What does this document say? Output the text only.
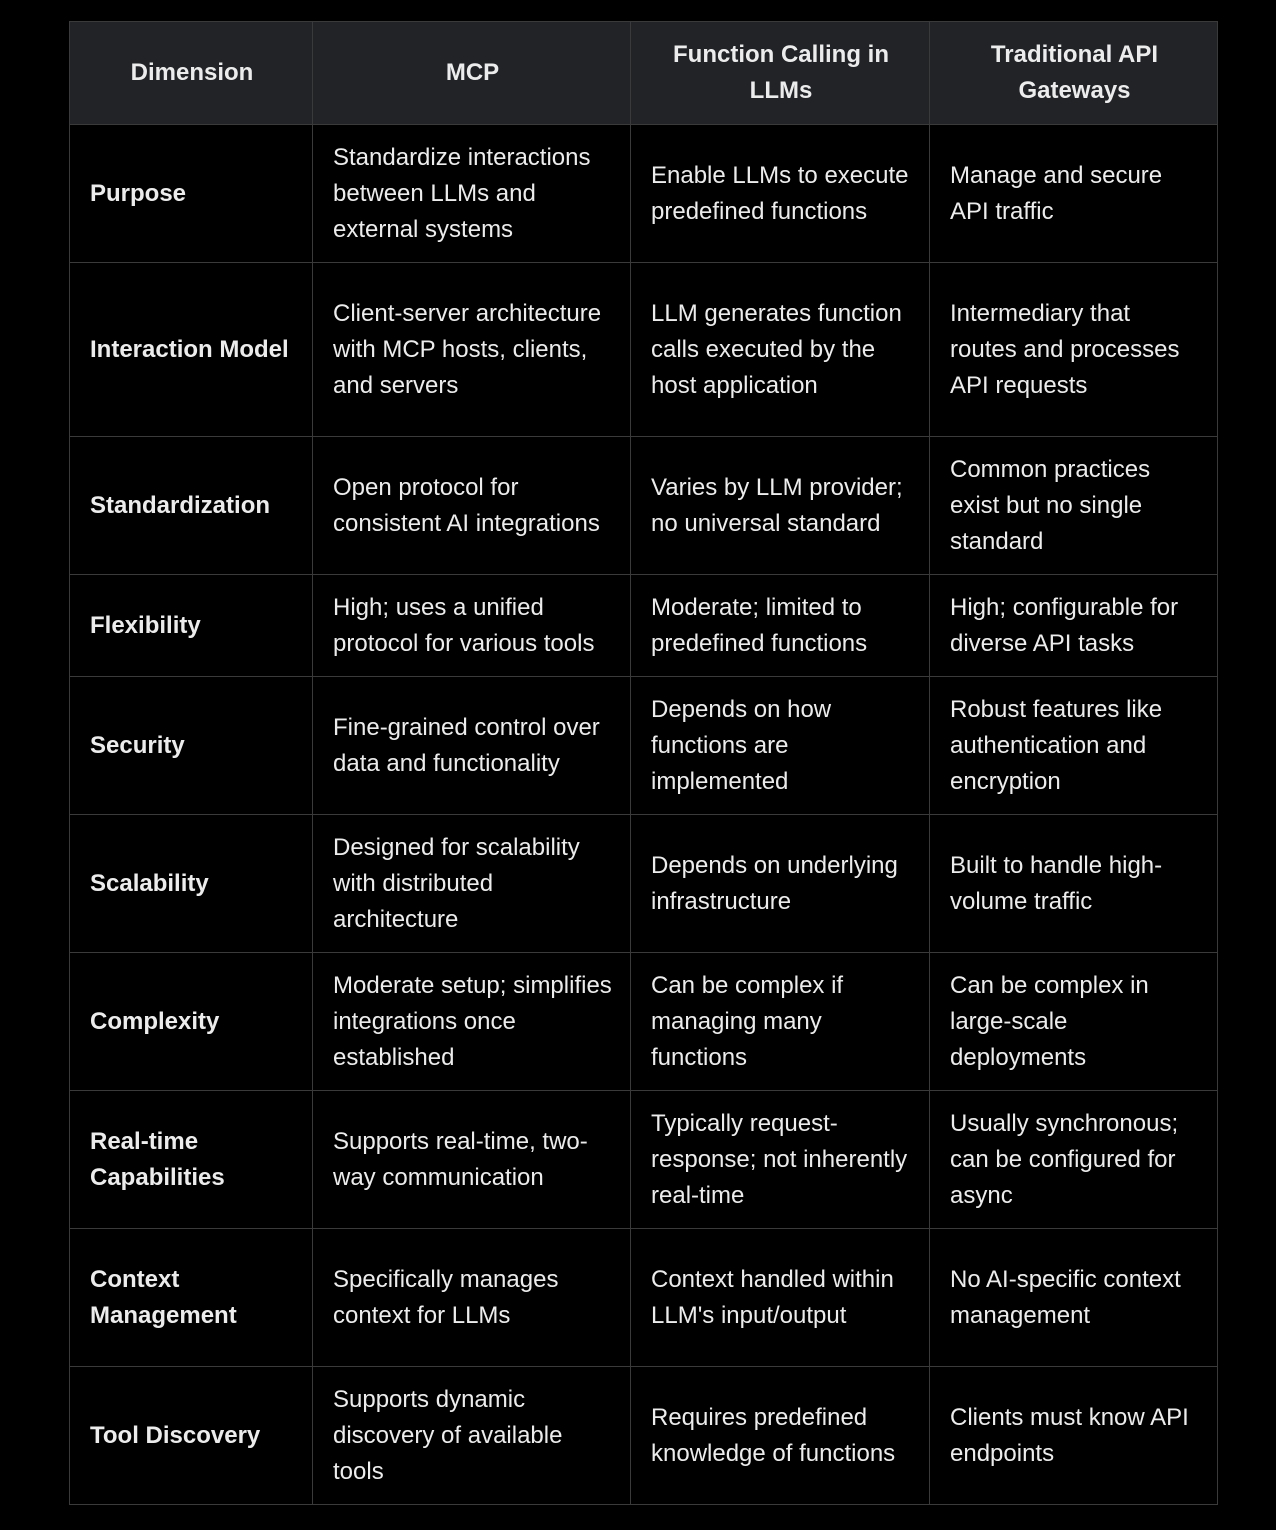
Dimension	MCP	Function Calling in LLMs	Traditional API Gateways
Purpose	Standardize interactions between LLMs and external systems	Enable LLMs to execute predefined functions	Manage and secure API traffic
Interaction Model	Client-server architecture with MCP hosts, clients, and servers	LLM generates function calls executed by the host application	Intermediary that routes and processes API requests
Standardization	Open protocol for consistent AI integrations	Varies by LLM provider; no universal standard	Common practices exist but no single standard
Flexibility	High; uses a unified protocol for various tools	Moderate; limited to predefined functions	High; configurable for diverse API tasks
Security	Fine-grained control over data and functionality	Depends on how functions are implemented	Robust features like authentication and encryption
Scalability	Designed for scalability with distributed architecture	Depends on underlying infrastructure	Built to handle high-volume traffic
Complexity	Moderate setup; simplifies integrations once established	Can be complex if managing many functions	Can be complex in large-scale deployments
Real-time Capabilities	Supports real-time, two-way communication	Typically request-response; not inherently real-time	Usually synchronous; can be configured for async
Context Management	Specifically manages context for LLMs	Context handled within LLM's input/output	No AI-specific context management
Tool Discovery	Supports dynamic discovery of available tools	Requires predefined knowledge of functions	Clients must know API endpoints
